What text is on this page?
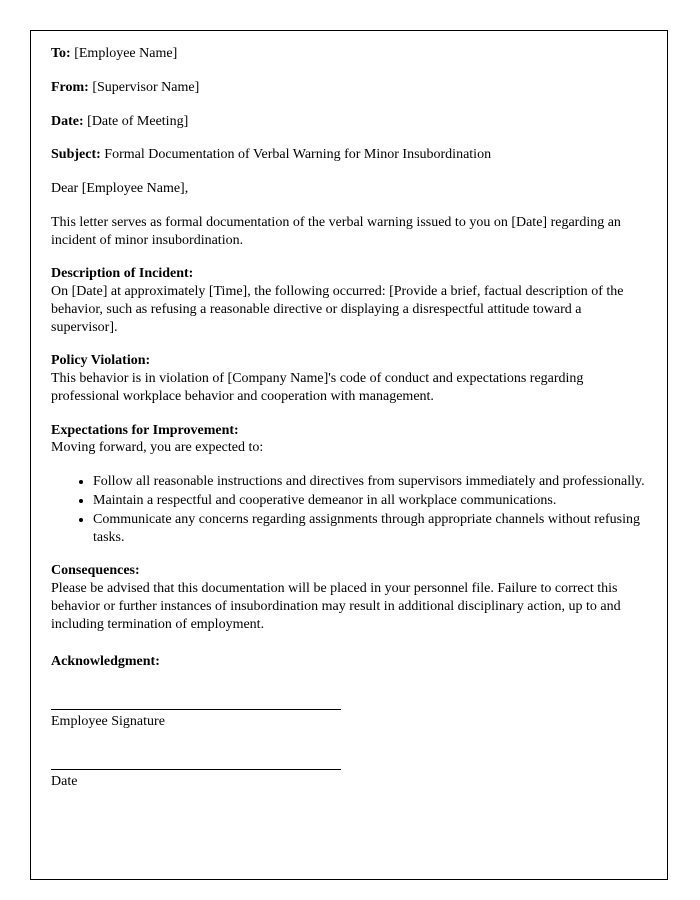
To: [Employee Name]
From: [Supervisor Name]
Date: [Date of Meeting]
Subject: Formal Documentation of Verbal Warning for Minor Insubordination
Dear [Employee Name],
This letter serves as formal documentation of the verbal warning issued to you on [Date] regarding an incident of minor insubordination.
Description of Incident:
On [Date] at approximately [Time], the following occurred: [Provide a brief, factual description of the behavior, such as refusing a reasonable directive or displaying a disrespectful attitude toward a supervisor].
Policy Violation:
This behavior is in violation of [Company Name]'s code of conduct and expectations regarding professional workplace behavior and cooperation with management.
Expectations for Improvement:
Moving forward, you are expected to:
• Follow all reasonable instructions and directives from supervisors immediately and professionally.
• Maintain a respectful and cooperative demeanor in all workplace communications.
• Communicate any concerns regarding assignments through appropriate channels without refusing tasks.
Consequences:
Please be advised that this documentation will be placed in your personnel file. Failure to correct this behavior or further instances of insubordination may result in additional disciplinary action, up to and including termination of employment.
Acknowledgment:
Employee Signature
Date
